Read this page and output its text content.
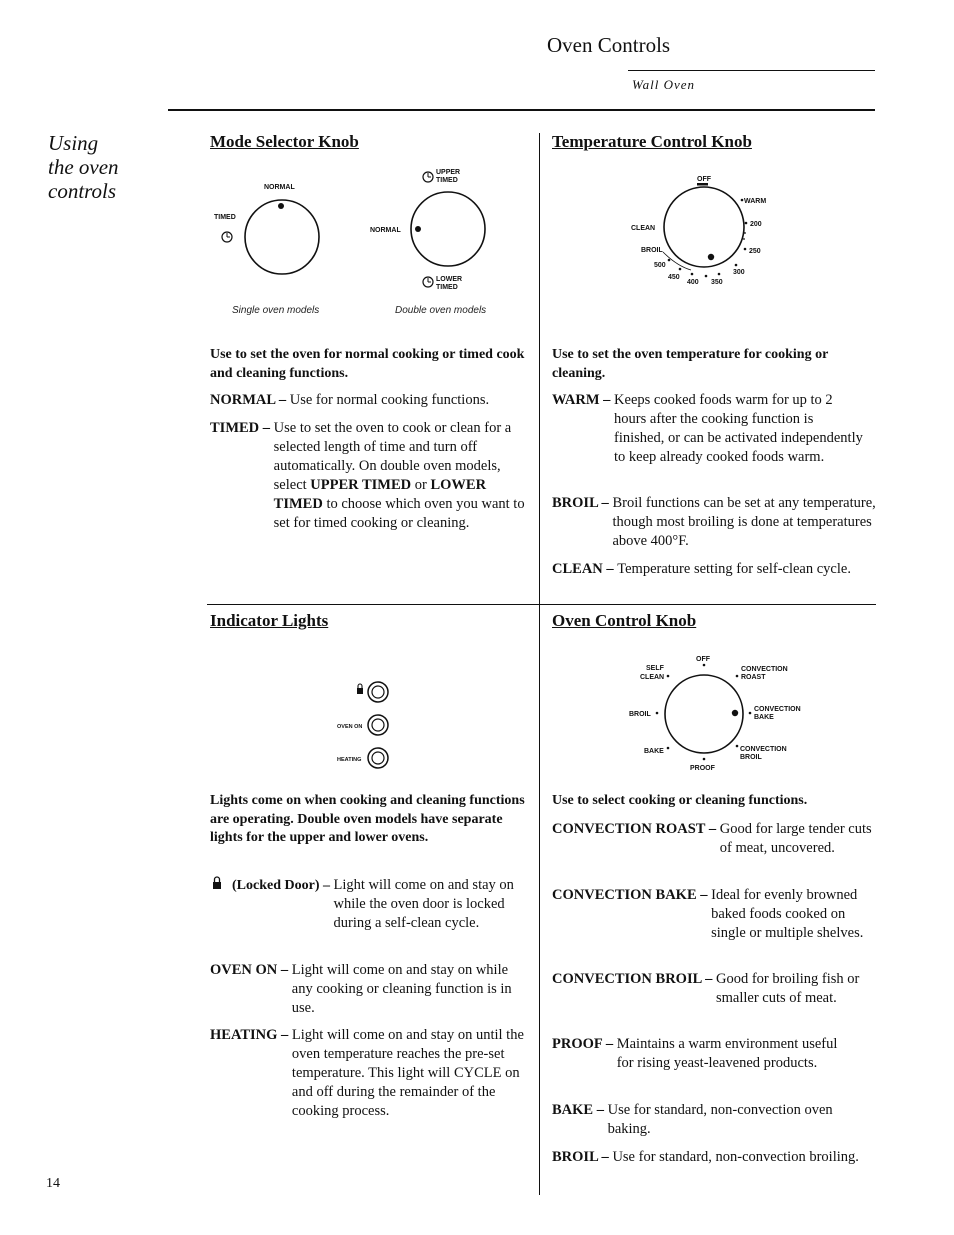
Oven Controls
Wall Oven
Using
the oven
controls
Mode Selector Knob
NORMAL
TIMED
UPPER
TIMED
NORMAL
LOWER
TIMED
Single oven models	Double oven models
Use to set the oven for normal cooking or timed cook and cleaning functions.
NORMAL – Use for normal cooking functions.
TIMED – Use to set the oven to cook or clean for a selected length of time and turn off automatically. On double oven models, select UPPER TIMED or LOWER TIMED to choose which oven you want to set for timed cooking or cleaning.
Temperature Control Knob
OFF
WARM
CLEAN
BROIL
200
250
300
350
400
450
500
Use to set the oven temperature for cooking or cleaning.
WARM – Keeps cooked foods warm for up to 2 hours after the cooking function is finished, or can be activated independently to keep already cooked foods warm.
BROIL – Broil functions can be set at any temperature, though most broiling is done at temperatures above 400°F.
CLEAN – Temperature setting for self-clean cycle.
Indicator Lights
OVEN ON
HEATING
Lights come on when cooking and cleaning functions are operating. Double oven models have separate lights for the upper and lower ovens.
(Locked Door) – Light will come on and stay on while the oven door is locked during a self-clean cycle.
OVEN ON – Light will come on and stay on while any cooking or cleaning function is in use.
HEATING – Light will come on and stay on until the oven temperature reaches the pre-set temperature. This light will CYCLE on and off during the remainder of the cooking process.
Oven Control Knob
OFF
SELF
CLEAN
CONVECTION
ROAST
BROIL
CONVECTION
BAKE
BAKE	CONVECTION
BROIL
PROOF
Use to select cooking or cleaning functions.
CONVECTION ROAST – Good for large tender cuts of meat, uncovered.
CONVECTION BAKE – Ideal for evenly browned baked foods cooked on single or multiple shelves.
CONVECTION BROIL – Good for broiling fish or smaller cuts of meat.
PROOF – Maintains a warm environment useful for rising yeast-leavened products.
BAKE – Use for standard, non-convection oven baking.
BROIL – Use for standard, non-convection broiling.
14
